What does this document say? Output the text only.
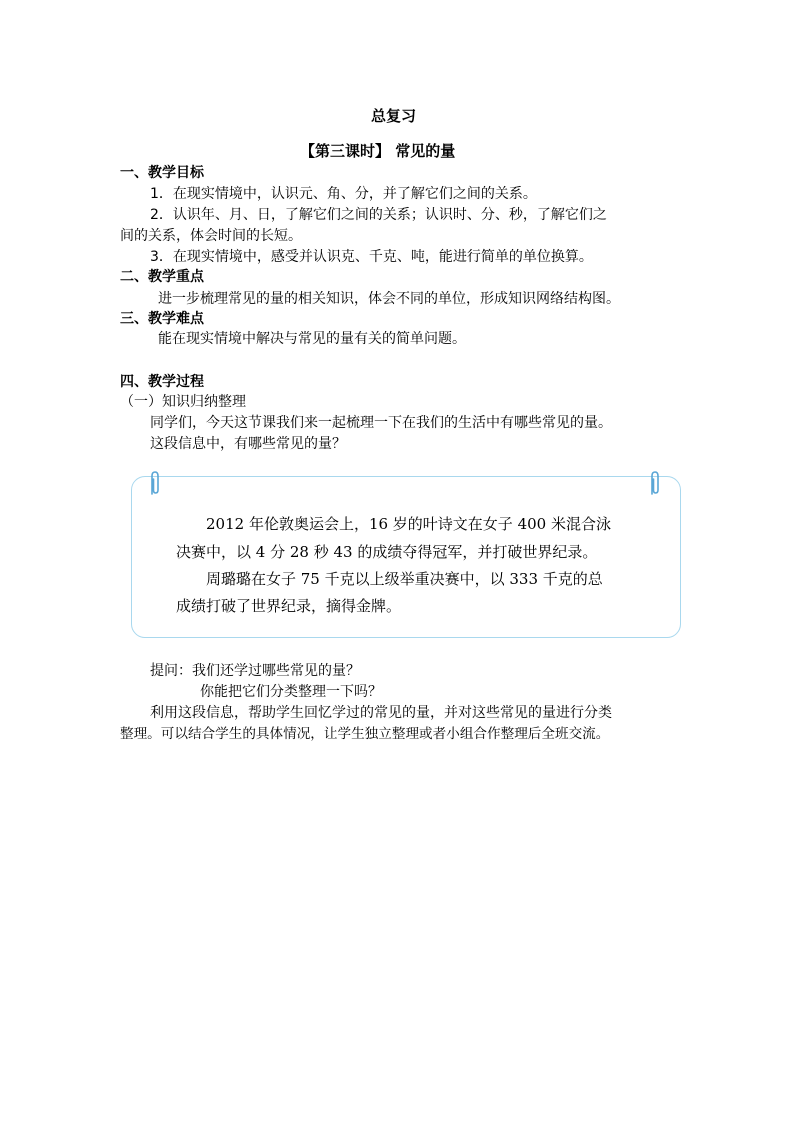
总复习
【第三课时】 常见的量
一、教学目标
1．在现实情境中，认识元、角、分，并了解它们之间的关系。
2．认识年、月、日，了解它们之间的关系；认识时、分、秒，了解它们之
间的关系，体会时间的长短。
3．在现实情境中，感受并认识克、千克、吨，能进行简单的单位换算。
二、教学重点
进一步梳理常见的量的相关知识，体会不同的单位，形成知识网络结构图。
三、教学难点
能在现实情境中解决与常见的量有关的简单问题。
四、教学过程
（一）知识归纳整理
同学们，今天这节课我们来一起梳理一下在我们的生活中有哪些常见的量。
这段信息中，有哪些常见的量？
2012 年伦敦奥运会上，16 岁的叶诗文在女子 400 米混合泳
决赛中，以 4 分 28 秒 43 的成绩夺得冠军，并打破世界纪录。
周璐璐在女子 75 千克以上级举重决赛中，以 333 千克的总
成绩打破了世界纪录，摘得金牌。
提问：我们还学过哪些常见的量？
你能把它们分类整理一下吗？
利用这段信息，帮助学生回忆学过的常见的量，并对这些常见的量进行分类
整理。可以结合学生的具体情况，让学生独立整理或者小组合作整理后全班交流。
